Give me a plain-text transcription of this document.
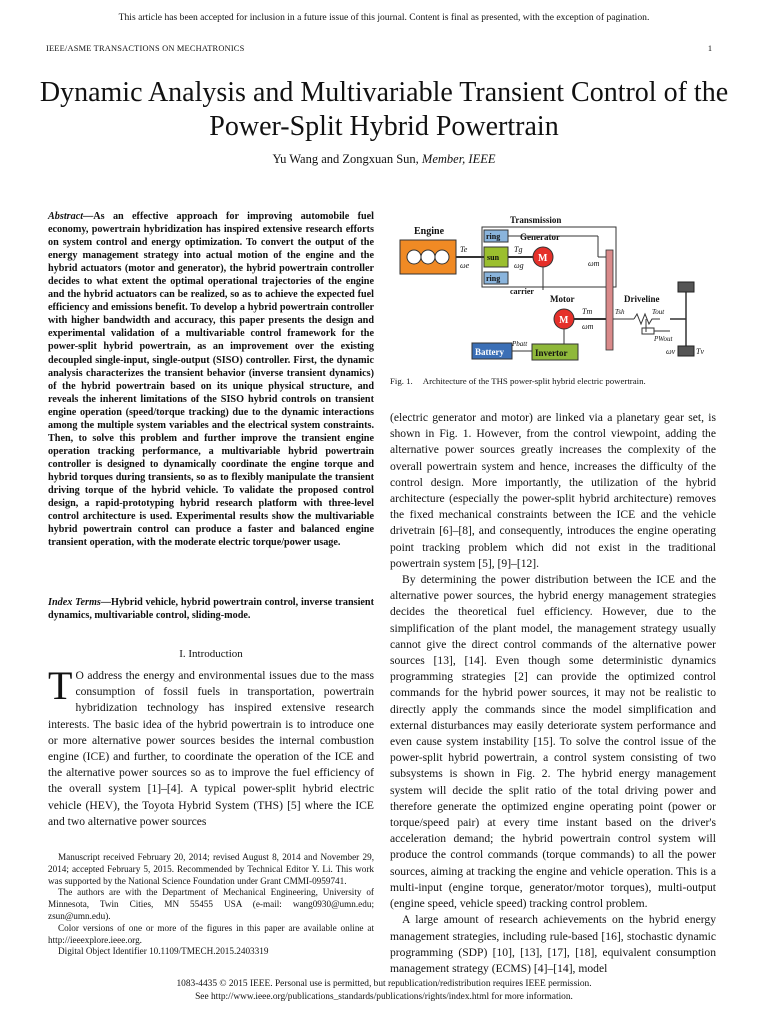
This article has been accepted for inclusion in a future issue of this journal. Content is final as presented, with the exception of pagination.
IEEE/ASME TRANSACTIONS ON MECHATRONICS	1
Dynamic Analysis and Multivariable Transient Control of the Power-Split Hybrid Powertrain
Yu Wang and Zongxuan Sun, Member, IEEE
Abstract—As an effective approach for improving automobile fuel economy, powertrain hybridization has inspired extensive research efforts on system control and energy optimization. To convert the output of the energy management strategy into actual motion of the engine and the hybrid actuators (motor and generator), the hybrid powertrain controller decides to what extent the optimal operational trajectories of the engine and the hybrid actuators can be realized, so as to achieve the expected fuel efficiency and emissions benefit. To develop a hybrid powertrain controller with higher bandwidth and accuracy, this paper presents the design and experimental validation of a multivariable control framework for the power-split hybrid powertrain, as an improvement over the existing decoupled single-input, single-output (SISO) controller. First, the dynamic analysis characterizes the transient behavior (inverse transient dynamics) of the hybrid powertrain based on its unique physical structure, and reveals the inherent limitations of the SISO hybrid controls on transient engine operation (speed/torque tracking) due to the dynamic interactions among the multiple system variables and the electrical system constraints. Then, to solve this problem and further improve the transient engine operation tracking performance, a multivariable hybrid powertrain controller is designed to dynamically coordinate the engine torque and hybrid torques during transients, so as to flexibly manipulate the transient driving torque of the hybrid vehicle. To validate the proposed control design, a rapid-prototyping hybrid research platform with three-level control architecture is used. Experimental results show the multivariable hybrid powertrain control can produce a faster and balanced engine transient operation, with the moderate electric torque/power usage.
Index Terms—Hybrid vehicle, hybrid powertrain control, inverse transient dynamics, multivariable control, sliding-mode.
I. Introduction
T O address the energy and environmental issues due to the mass consumption of fossil fuels in transportation, powertrain hybridization technology has inspired extensive research interests. The basic idea of the hybrid powertrain is to introduce one or more alternative power sources besides the internal combustion engine (ICE) and further, to coordinate the operation of the ICE and the alternative power sources so as to improve the fuel efficiency of the overall system [1]–[4]. A typical power-split hybrid electric vehicle (HEV), the Toyota Hybrid System (THS) [5] where the ICE and two alternative power sources

Manuscript received February 20, 2014; revised August 8, 2014 and November 29, 2014; accepted February 5, 2015. Recommended by Technical Editor Y. Li. This work was supported by the National Science Foundation under Grant CMMI-0959741.

The authors are with the Department of Mechanical Engineering, University of Minnesota, Twin Cities, MN 55455 USA (e-mail: wang0930@umn.edu; zsun@umn.edu).

Color versions of one or more of the figures in this paper are available online at http://ieeexplore.ieee.org.

Digital Object Identifier 10.1109/TMECH.2015.2403319

Engine
Te
ωe
Transmission
ring
sun
ring
carrier
Generator
Tg
ωg
M	ωm
Motor
M
Tm
ωm
Driveline
Tsh	Tout
PWout
ωv	Tv
Battery
Pbatt
Invertor
Fig. 1. Architecture of the THS power-split hybrid electric powertrain.

(electric generator and motor) are linked via a planetary gear set, is shown in Fig. 1. However, from the control viewpoint, adding the alternative power sources greatly increases the complexity of the overall powertrain system and hence, increases the difficulty of the control design. More importantly, the utilization of the hybrid architecture (especially the power-split hybrid architecture) removes the fixed mechanical constraints between the ICE and the vehicle drivetrain [6]–[8], and consequently, introduces the engine operating point tracking problem which did not exist in the traditional powertrain system [5], [9]–[12].

By determining the power distribution between the ICE and the alternative power sources, the hybrid energy management strategies decides the theoretical fuel efficiency. However, due to the simplification of the plant model, the management strategy usually cannot give the direct control commands of the alternative power sources [13], [14]. Even though some deterministic dynamics programming strategies [2] can provide the optimized control commands for the hybrid power sources, it may not be realistic to directly apply the commands since the model simplification and external disturbances may easily deteriorate system performance and even cause system instability [15]. To solve the control issue of the power-split hybrid powertrain, a control system consisting of two subsystems is shown in Fig. 2. The hybrid energy management system will decide the split ratio of the total driving power and therefore generate the optimized engine operating point (power or torque/speed pair) at every time instant based on the driver's acceleration demand; the hybrid powertrain control system will produce the control commands (torque commands) to all the power sources, aiming at tracking the engine and vehicle operation. This is a multi-input (engine torque, generator/motor torques), multi-output (engine speed, vehicle speed) tracking control problem.

A large amount of research achievements on the hybrid energy management strategies, including rule-based [16], stochastic dynamic programming (SDP) [10], [13], [17], [18], equivalent consumption management strategy (ECMS) [4]–[14], model

1083-4435 © 2015 IEEE. Personal use is permitted, but republication/redistribution requires IEEE permission.
See http://www.ieee.org/publications_standards/publications/rights/index.html for more information.
